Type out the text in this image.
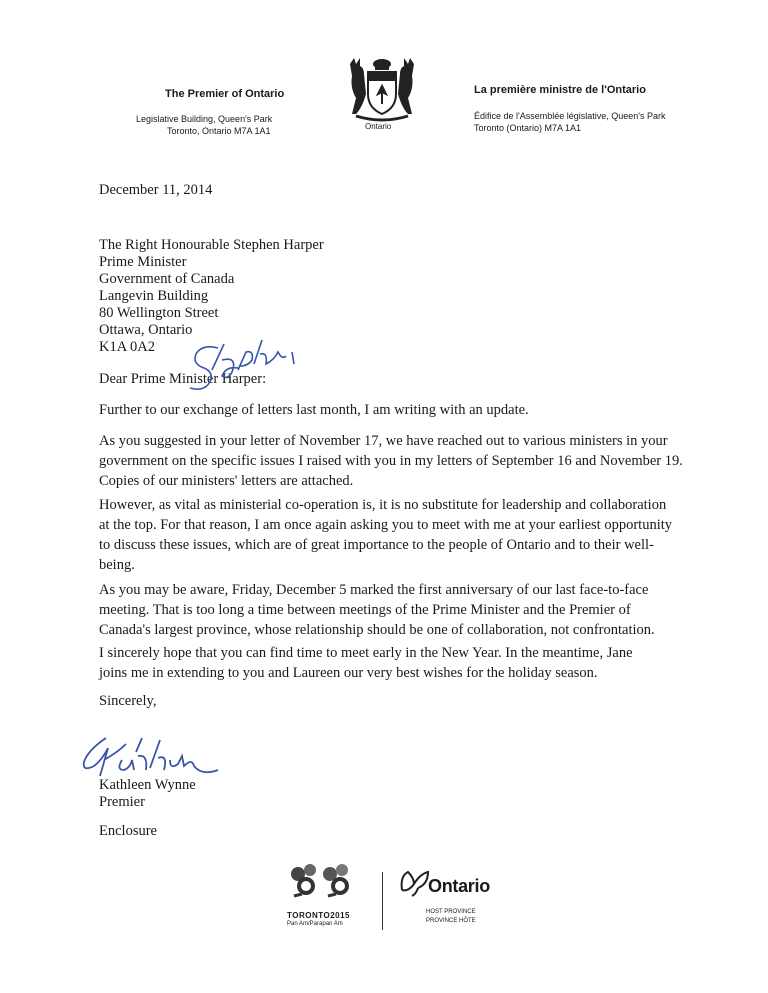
The Premier of Ontario
Legislative Building, Queen's Park
Toronto, Ontario M7A 1A1	Ontario
La première ministre de l'Ontario
Édifice de l'Assemblée législative, Queen's Park
Toronto (Ontario) M7A 1A1
December 11, 2014
The Right Honourable Stephen Harper
Prime Minister
Government of Canada
Langevin Building
80 Wellington Street
Ottawa, Ontario
K1A 0A2
Dear Prime Minister Harper:
Further to our exchange of letters last month, I am writing with an update.
As you suggested in your letter of November 17, we have reached out to various ministers in your
government on the specific issues I raised with you in my letters of September 16 and November 19.
Copies of our ministers' letters are attached.
However, as vital as ministerial co-operation is, it is no substitute for leadership and collaboration
at the top. For that reason, I am once again asking you to meet with me at your earliest opportunity
to discuss these issues, which are of great importance to the people of Ontario and to their well-
being.
As you may be aware, Friday, December 5 marked the first anniversary of our last face-to-face
meeting. That is too long a time between meetings of the Prime Minister and the Premier of
Canada's largest province, whose relationship should be one of collaboration, not confrontation.
I sincerely hope that you can find time to meet early in the New Year. In the meantime, Jane
joins me in extending to you and Laureen our very best wishes for the holiday season.
Sincerely,
Kathleen Wynne
Premier
Enclosure
TORONTO2015
Pan Am/Parapan Am
Ontario
HOST PROVINCE
PROVINCE HÔTE
